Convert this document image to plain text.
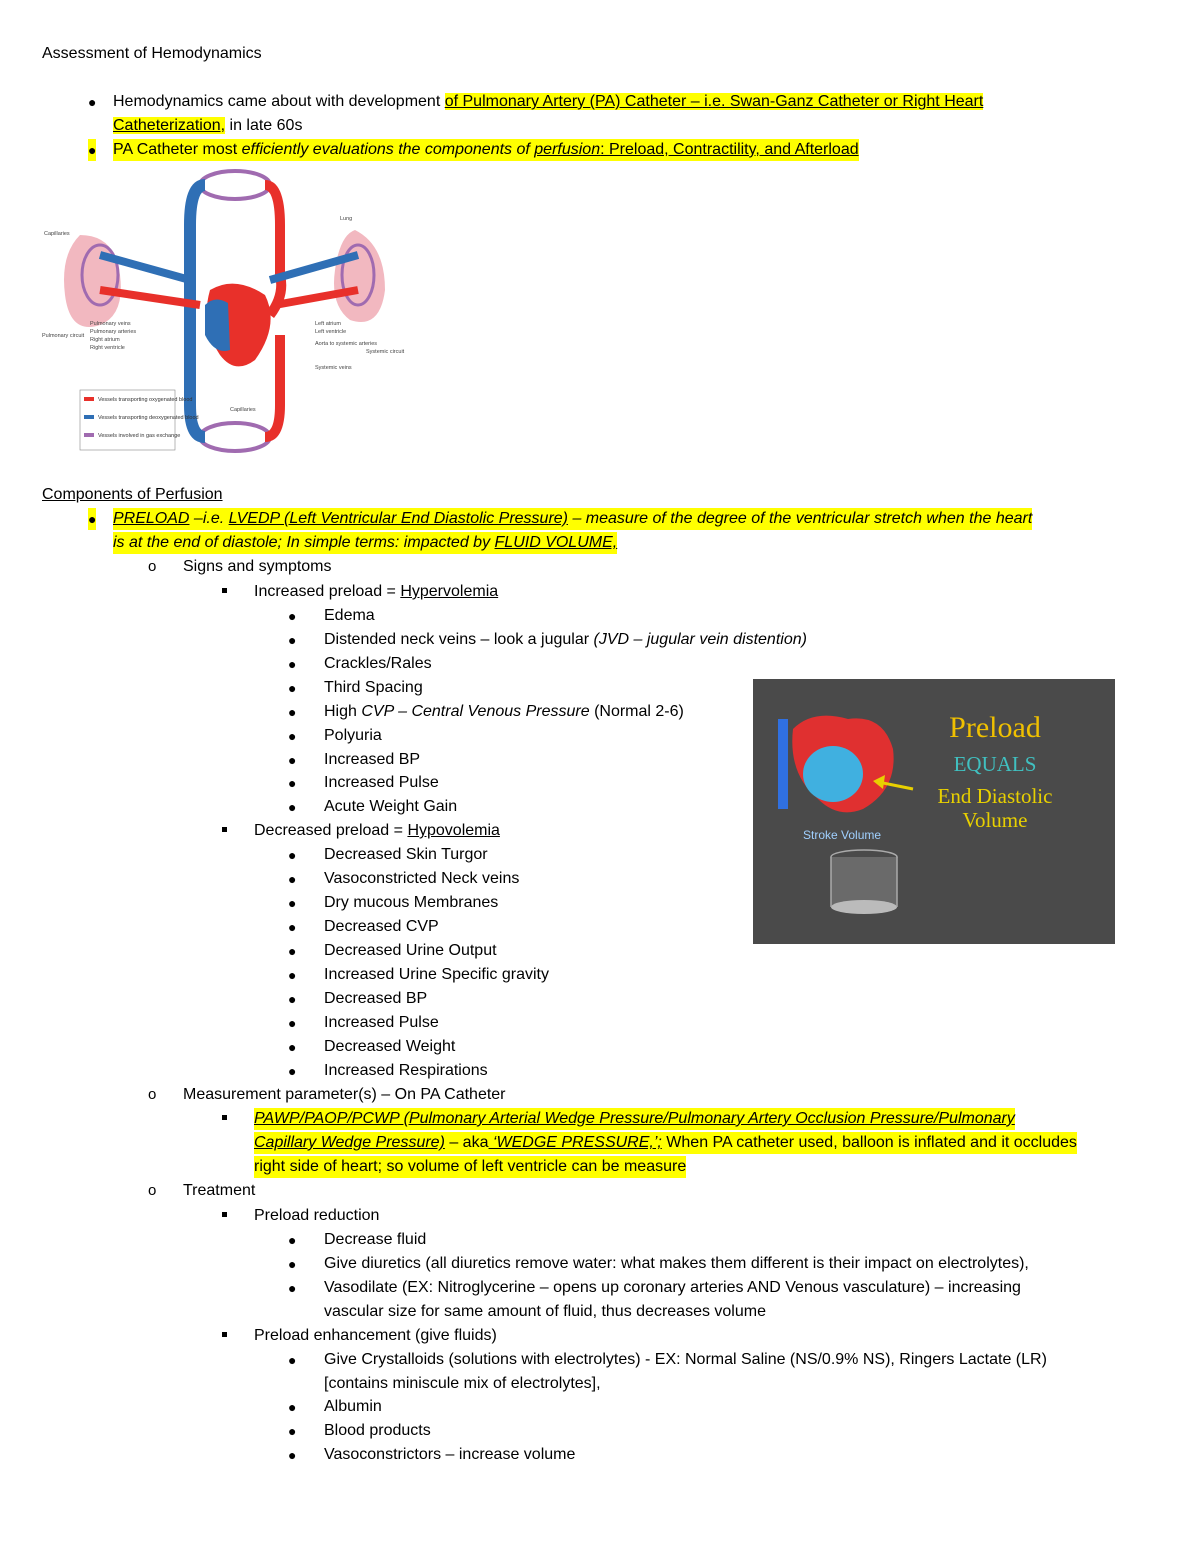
Assessment of Hemodynamics
● Hemodynamics came about with development of Pulmonary Artery (PA) Catheter – i.e. Swan-Ganz Catheter or Right Heart
Catheterization, in late 60s
● PA Catheter most efficiently evaluations the components of perfusion: Preload, Contractility, and Afterload
Vessels transporting oxygenated blood
Vessels transporting deoxygenated blood
Vessels involved in gas exchange
Capillaries
Lung
Pulmonary circuit
Pulmonary veins
Pulmonary arteries
Right atrium
Right ventricle
Left atrium
Left ventricle
Aorta to systemic arteries
Systemic circuit
Systemic veins
Capillaries
Components of Perfusion
● PRELOAD –i.e. LVEDP (Left Ventricular End Diastolic Pressure) – measure of the degree of the ventricular stretch when the heart
is at the end of diastole; In simple terms: impacted by FLUID VOLUME,
o Signs and symptoms
Increased preload = Hypervolemia
● Edema
● Distended neck veins – look a jugular (JVD – jugular vein distention)
● Crackles/Rales
● Third Spacing
● High CVP – Central Venous Pressure (Normal 2-6)
● Polyuria
● Increased BP
● Increased Pulse
● Acute Weight Gain
Decreased preload = Hypovolemia
● Decreased Skin Turgor
● Vasoconstricted Neck veins
● Dry mucous Membranes
● Decreased CVP
● Decreased Urine Output
● Increased Urine Specific gravity
● Decreased BP
● Increased Pulse
● Decreased Weight
● Increased Respirations
o Measurement parameter(s) – On PA Catheter
PAWP/PAOP/PCWP (Pulmonary Arterial Wedge Pressure/Pulmonary Artery Occlusion Pressure/Pulmonary
Capillary Wedge Pressure) – aka ‘WEDGE PRESSURE,’; When PA catheter used, balloon is inflated and it occludes
right side of heart; so volume of left ventricle can be measure
o Treatment
Preload reduction
● Decrease fluid
● Give diuretics (all diuretics remove water: what makes them different is their impact on electrolytes),
● Vasodilate (EX: Nitroglycerine – opens up coronary arteries AND Venous vasculature) – increasing
vascular size for same amount of fluid, thus decreases volume
Preload enhancement (give fluids)
● Give Crystalloids (solutions with electrolytes) - EX: Normal Saline (NS/0.9% NS), Ringers Lactate (LR)
[contains miniscule mix of electrolytes],
● Albumin
● Blood products
● Vasoconstrictors – increase volume
Stroke Volume
Preload
EQUALS
End Diastolic
Volume
